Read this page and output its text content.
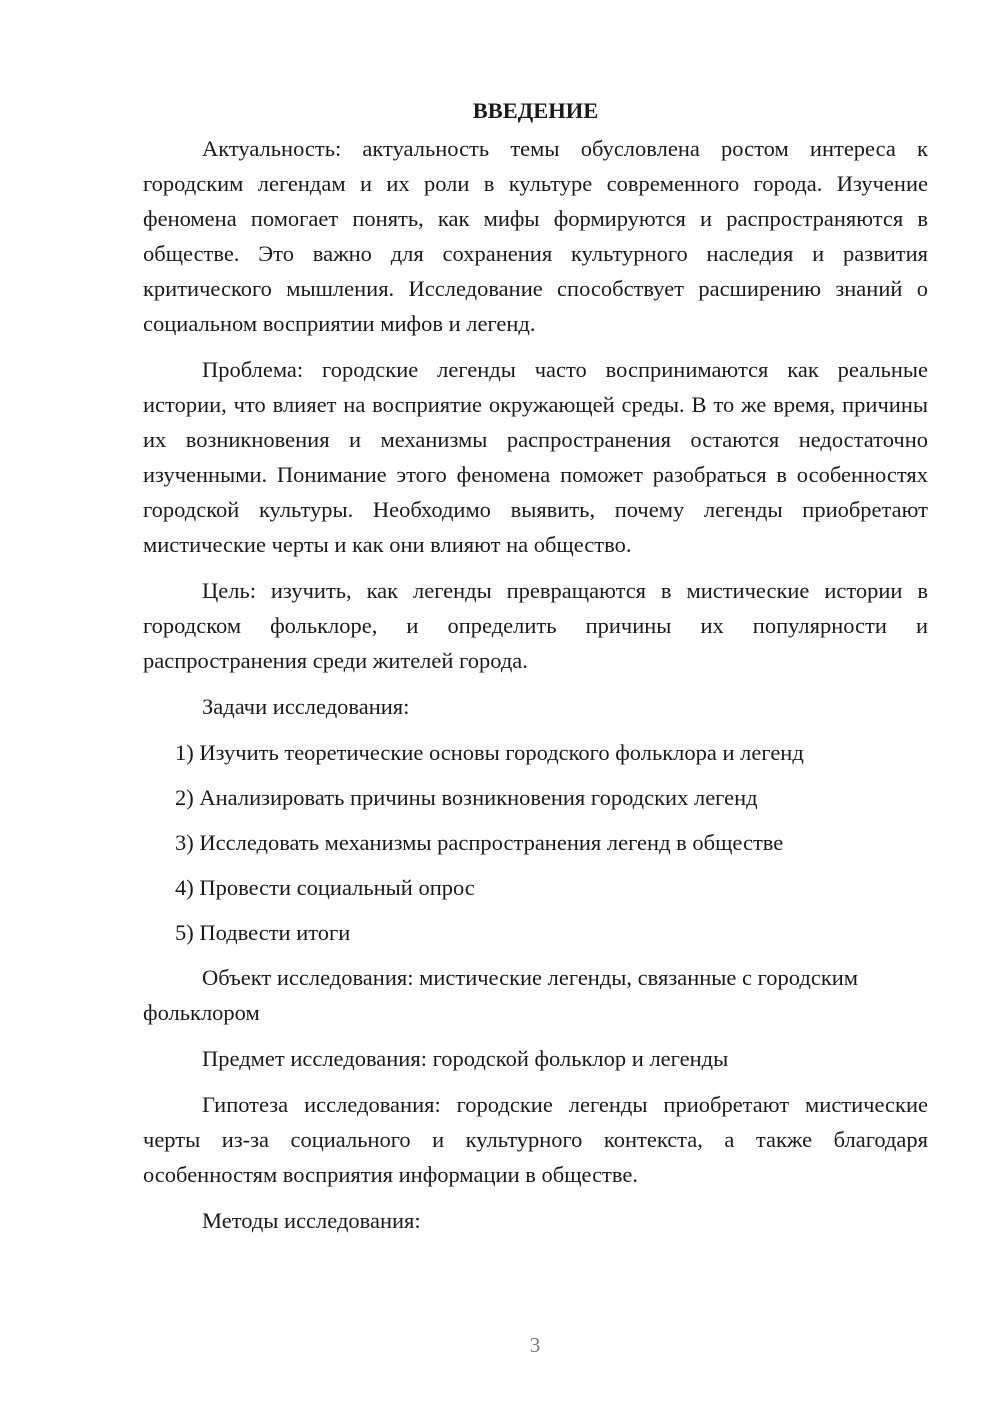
ВВЕДЕНИЕ

Актуальность: актуальность темы обусловлена ростом интереса к городским легендам и их роли в культуре современного города. Изучение феномена помогает понять, как мифы формируются и распространяются в обществе. Это важно для сохранения культурного наследия и развития критического мышления. Исследование способствует расширению знаний о социальном восприятии мифов и легенд.

Проблема: городские легенды часто воспринимаются как реальные истории, что влияет на восприятие окружающей среды. В то же время, причины их возникновения и механизмы распространения остаются недостаточно изученными. Понимание этого феномена поможет разобраться в особенностях городской культуры. Необходимо выявить, почему легенды приобретают мистические черты и как они влияют на общество.

Цель: изучить, как легенды превращаются в мистические истории в городском фольклоре, и определить причины их популярности и распространения среди жителей города.

Задачи исследования:

1) Изучить теоретические основы городского фольклора и легенд
2) Анализировать причины возникновения городских легенд
3) Исследовать механизмы распространения легенд в обществе
4) Провести социальный опрос
5) Подвести итоги

Объект исследования: мистические легенды, связанные с городским фольклором

Предмет исследования: городской фольклор и легенды

Гипотеза исследования: городские легенды приобретают мистические черты из-за социального и культурного контекста, а также благодаря особенностям восприятия информации в обществе.

Методы исследования:

3
